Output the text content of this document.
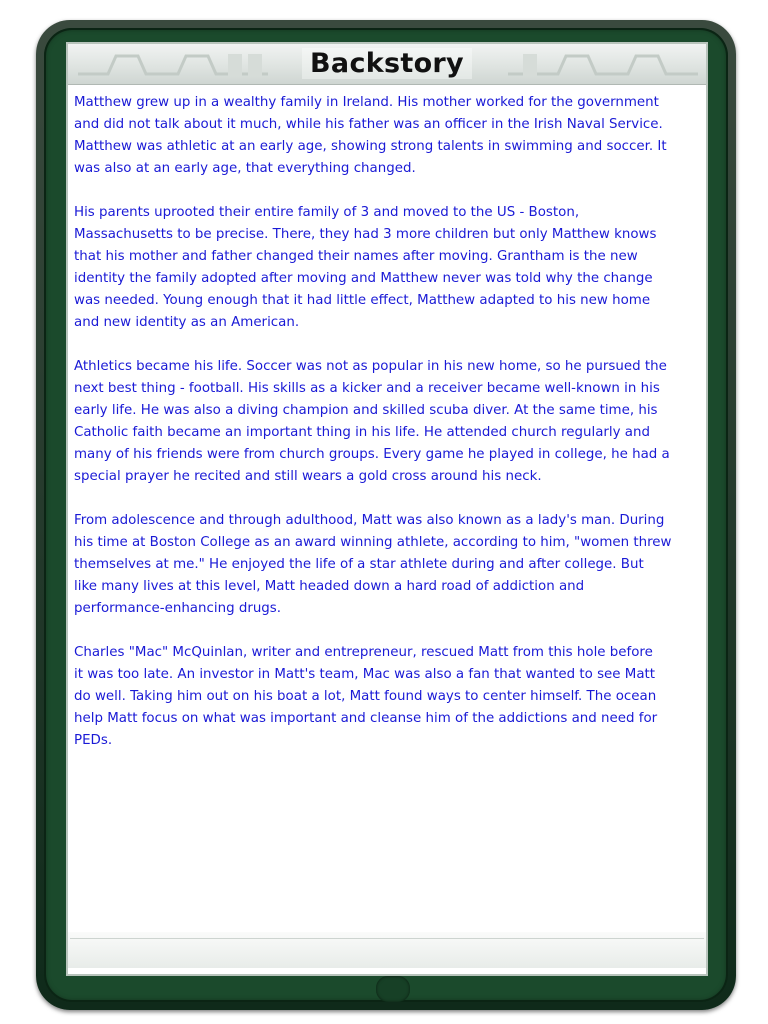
Backstory

Matthew grew up in a wealthy family in Ireland. His mother worked for the government
and did not talk about it much, while his father was an officer in the Irish Naval Service.
Matthew was athletic at an early age, showing strong talents in swimming and soccer. It
was also at an early age, that everything changed.

His parents uprooted their entire family of 3 and moved to the US - Boston,
Massachusetts to be precise. There, they had 3 more children but only Matthew knows
that his mother and father changed their names after moving. Grantham is the new
identity the family adopted after moving and Matthew never was told why the change
was needed. Young enough that it had little effect, Matthew adapted to his new home
and new identity as an American.

Athletics became his life. Soccer was not as popular in his new home, so he pursued the
next best thing - football. His skills as a kicker and a receiver became well-known in his
early life. He was also a diving champion and skilled scuba diver. At the same time, his
Catholic faith became an important thing in his life. He attended church regularly and
many of his friends were from church groups. Every game he played in college, he had a
special prayer he recited and still wears a gold cross around his neck.

From adolescence and through adulthood, Matt was also known as a lady's man. During
his time at Boston College as an award winning athlete, according to him, "women threw
themselves at me." He enjoyed the life of a star athlete during and after college. But
like many lives at this level, Matt headed down a hard road of addiction and
performance-enhancing drugs.

Charles "Mac" McQuinlan, writer and entrepreneur, rescued Matt from this hole before
it was too late. An investor in Matt's team, Mac was also a fan that wanted to see Matt
do well. Taking him out on his boat a lot, Matt found ways to center himself. The ocean
help Matt focus on what was important and cleanse him of the addictions and need for
PEDs.
